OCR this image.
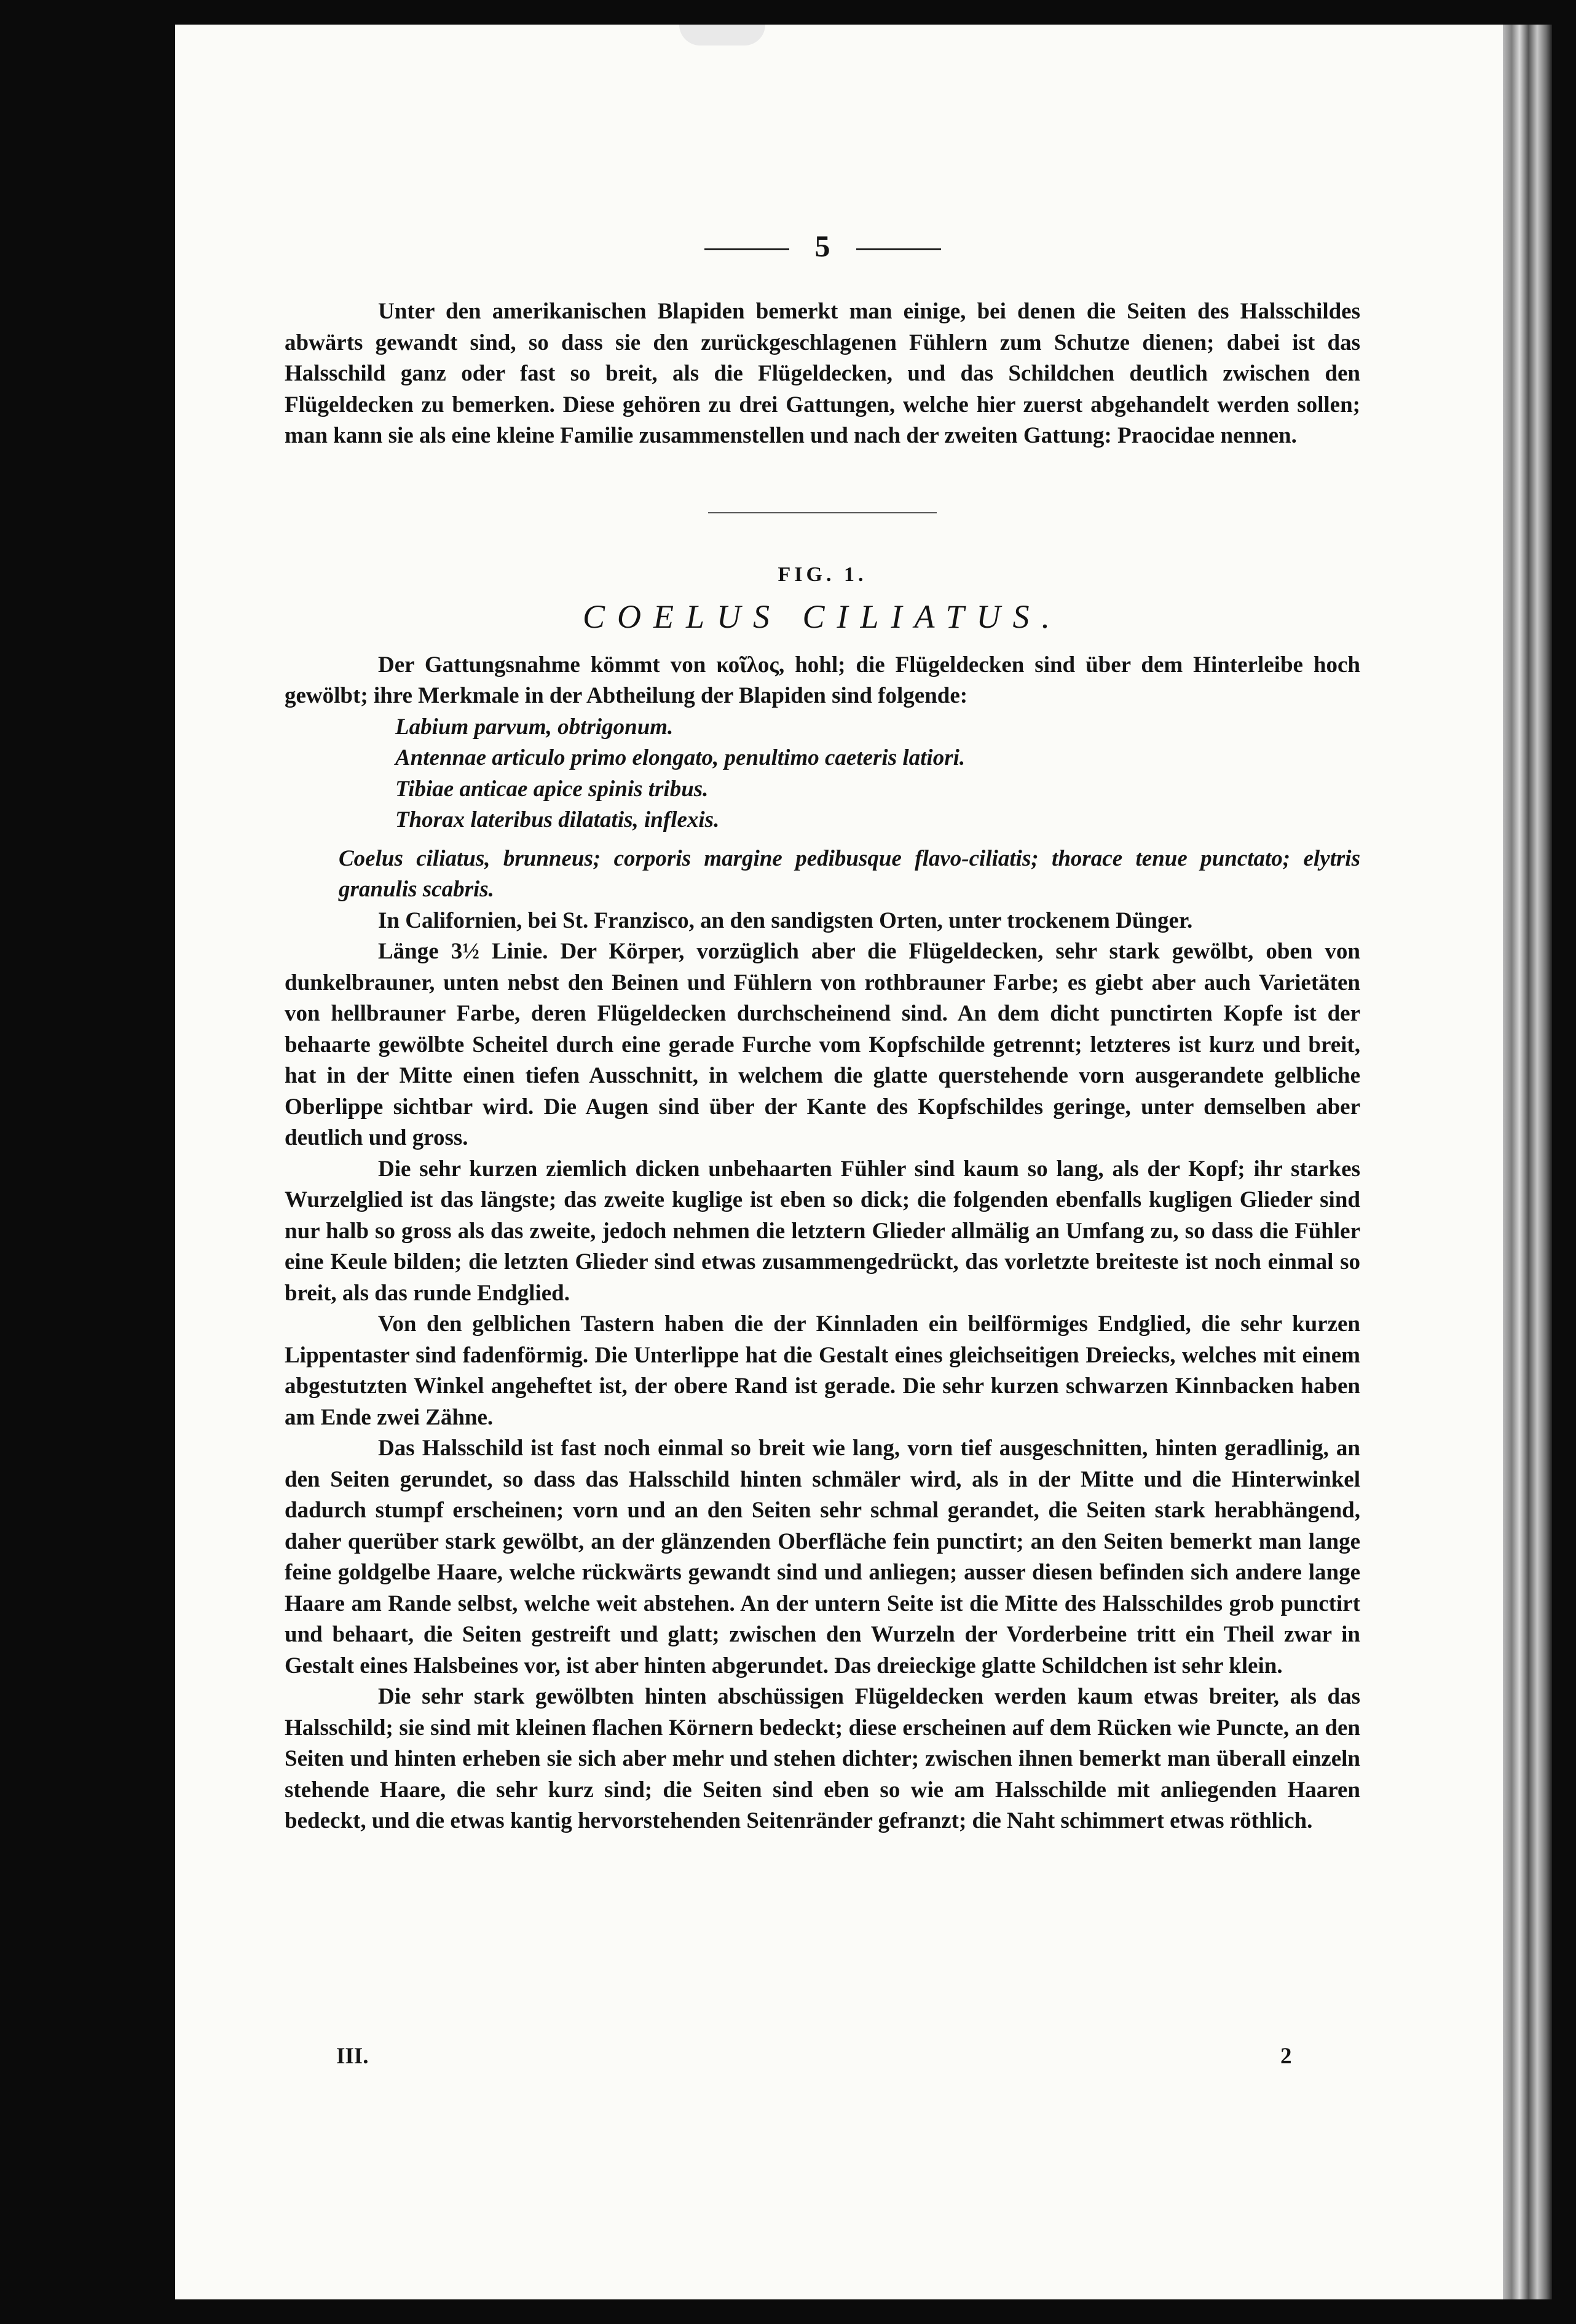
5

Unter den amerikanischen Blapiden bemerkt man einige, bei denen die Seiten des Halsschildes abwärts gewandt sind, so dass sie den zurückgeschlagenen Fühlern zum Schutze dienen; dabei ist das Halsschild ganz oder fast so breit, als die Flügeldecken, und das Schildchen deutlich zwischen den Flügeldecken zu bemerken. Diese gehören zu drei Gattungen, welche hier zuerst abgehandelt werden sollen; man kann sie als eine kleine Familie zusammenstellen und nach der zweiten Gattung: Praocidae nennen.

FIG. 1.
COELUS CILIATUS.

Der Gattungsnahme kömmt von κοῖλος, hohl; die Flügeldecken sind über dem Hinterleibe hoch gewölbt; ihre Merkmale in der Abtheilung der Blapiden sind folgende:

Labium parvum, obtrigonum.
Antennae articulo primo elongato, penultimo caeteris latiori.
Tibiae anticae apice spinis tribus.
Thorax lateribus dilatatis, inflexis.

Coelus ciliatus, brunneus; corporis margine pedibusque flavo-ciliatis; thorace tenue punctato; elytris granulis scabris.

In Californien, bei St. Franzisco, an den sandigsten Orten, unter trockenem Dünger.

Länge 3½ Linie. Der Körper, vorzüglich aber die Flügeldecken, sehr stark gewölbt, oben von dunkelbrauner, unten nebst den Beinen und Fühlern von rothbrauner Farbe; es giebt aber auch Varietäten von hellbrauner Farbe, deren Flügeldecken durchscheinend sind. An dem dicht punctirten Kopfe ist der behaarte gewölbte Scheitel durch eine gerade Furche vom Kopfschilde getrennt; letzteres ist kurz und breit, hat in der Mitte einen tiefen Ausschnitt, in welchem die glatte querstehende vorn ausgerandete gelbliche Oberlippe sichtbar wird. Die Augen sind über der Kante des Kopfschildes geringe, unter demselben aber deutlich und gross.

Die sehr kurzen ziemlich dicken unbehaarten Fühler sind kaum so lang, als der Kopf; ihr starkes Wurzelglied ist das längste; das zweite kuglige ist eben so dick; die folgenden ebenfalls kugligen Glieder sind nur halb so gross als das zweite, jedoch nehmen die letztern Glieder allmälig an Umfang zu, so dass die Fühler eine Keule bilden; die letzten Glieder sind etwas zusammengedrückt, das vorletzte breiteste ist noch einmal so breit, als das runde Endglied.

Von den gelblichen Tastern haben die der Kinnladen ein beilförmiges Endglied, die sehr kurzen Lippentaster sind fadenförmig. Die Unterlippe hat die Gestalt eines gleichseitigen Dreiecks, welches mit einem abgestutzten Winkel angeheftet ist, der obere Rand ist gerade. Die sehr kurzen schwarzen Kinnbacken haben am Ende zwei Zähne.

Das Halsschild ist fast noch einmal so breit wie lang, vorn tief ausgeschnitten, hinten geradlinig, an den Seiten gerundet, so dass das Halsschild hinten schmäler wird, als in der Mitte und die Hinterwinkel dadurch stumpf erscheinen; vorn und an den Seiten sehr schmal gerandet, die Seiten stark herabhängend, daher querüber stark gewölbt, an der glänzenden Oberfläche fein punctirt; an den Seiten bemerkt man lange feine goldgelbe Haare, welche rückwärts gewandt sind und anliegen; ausser diesen befinden sich andere lange Haare am Rande selbst, welche weit abstehen. An der untern Seite ist die Mitte des Halsschildes grob punctirt und behaart, die Seiten gestreift und glatt; zwischen den Wurzeln der Vorderbeine tritt ein Theil zwar in Gestalt eines Halsbeines vor, ist aber hinten abgerundet. Das dreieckige glatte Schildchen ist sehr klein.

Die sehr stark gewölbten hinten abschüssigen Flügeldecken werden kaum etwas breiter, als das Halsschild; sie sind mit kleinen flachen Körnern bedeckt; diese erscheinen auf dem Rücken wie Puncte, an den Seiten und hinten erheben sie sich aber mehr und stehen dichter; zwischen ihnen bemerkt man überall einzeln stehende Haare, die sehr kurz sind; die Seiten sind eben so wie am Halsschilde mit anliegenden Haaren bedeckt, und die etwas kantig hervorstehenden Seitenränder gefranzt; die Naht schimmert etwas röthlich.

III.	2
